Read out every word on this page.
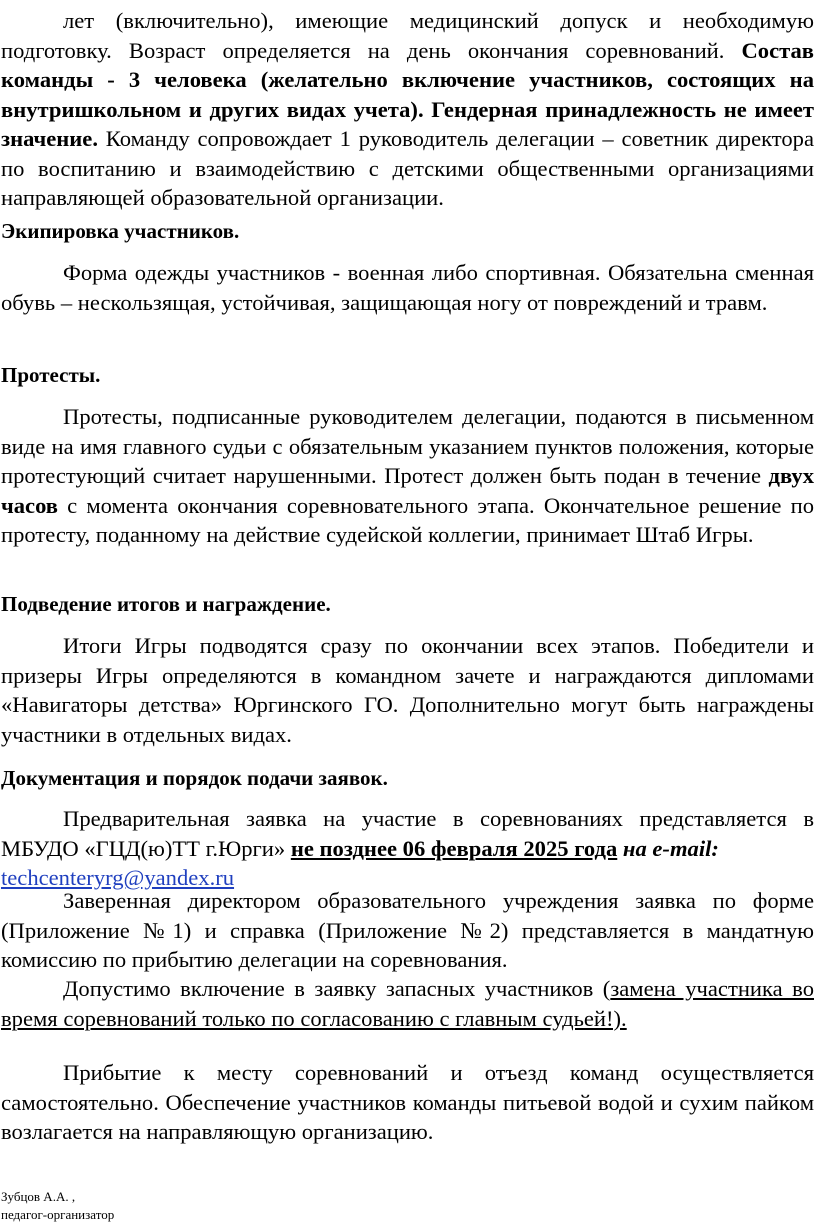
лет (включительно), имеющие медицинский допуск и необходимую подготовку. Возраст определяется на день окончания соревнований. Состав команды - 3 человека (желательно включение участников, состоящих на внутришкольном и других видах учета). Гендерная принадлежность не имеет значение. Команду сопровождает 1 руководитель делегации – советник директора по воспитанию и взаимодействию с детскими общественными организациями направляющей образовательной организации.

Экипировка участников.

Форма одежды участников - военная либо спортивная. Обязательна сменная обувь – нескользящая, устойчивая, защищающая ногу от повреждений и травм.

Протесты.

Протесты, подписанные руководителем делегации, подаются в письменном виде на имя главного судьи с обязательным указанием пунктов положения, которые протестующий считает нарушенными. Протест должен быть подан в течение двух часов с момента окончания соревновательного этапа. Окончательное решение по протесту, поданному на действие судейской коллегии, принимает Штаб Игры.

Подведение итогов и награждение.

Итоги Игры подводятся сразу по окончании всех этапов. Победители и призеры Игры определяются в командном зачете и награждаются дипломами «Навигаторы детства» Юргинского ГО. Дополнительно могут быть награждены участники в отдельных видах.

Документация и порядок подачи заявок.

Предварительная заявка на участие в соревнованиях представляется в МБУДО «ГЦД(ю)ТТ г.Юрги» не позднее 06 февраля 2025 года на e-mail:
techcenteryrg@yandex.ru

Заверенная директором образовательного учреждения заявка по форме (Приложение №1) и справка (Приложение №2) представляется в мандатную комиссию по прибытию делегации на соревнования.

Допустимо включение в заявку запасных участников (замена участника во время соревнований только по согласованию с главным судьей!).

Прибытие к месту соревнований и отъезд команд осуществляется самостоятельно. Обеспечение участников команды питьевой водой и сухим пайком возлагается на направляющую организацию.

Зубцов А.А. ,
педагог-организатор
